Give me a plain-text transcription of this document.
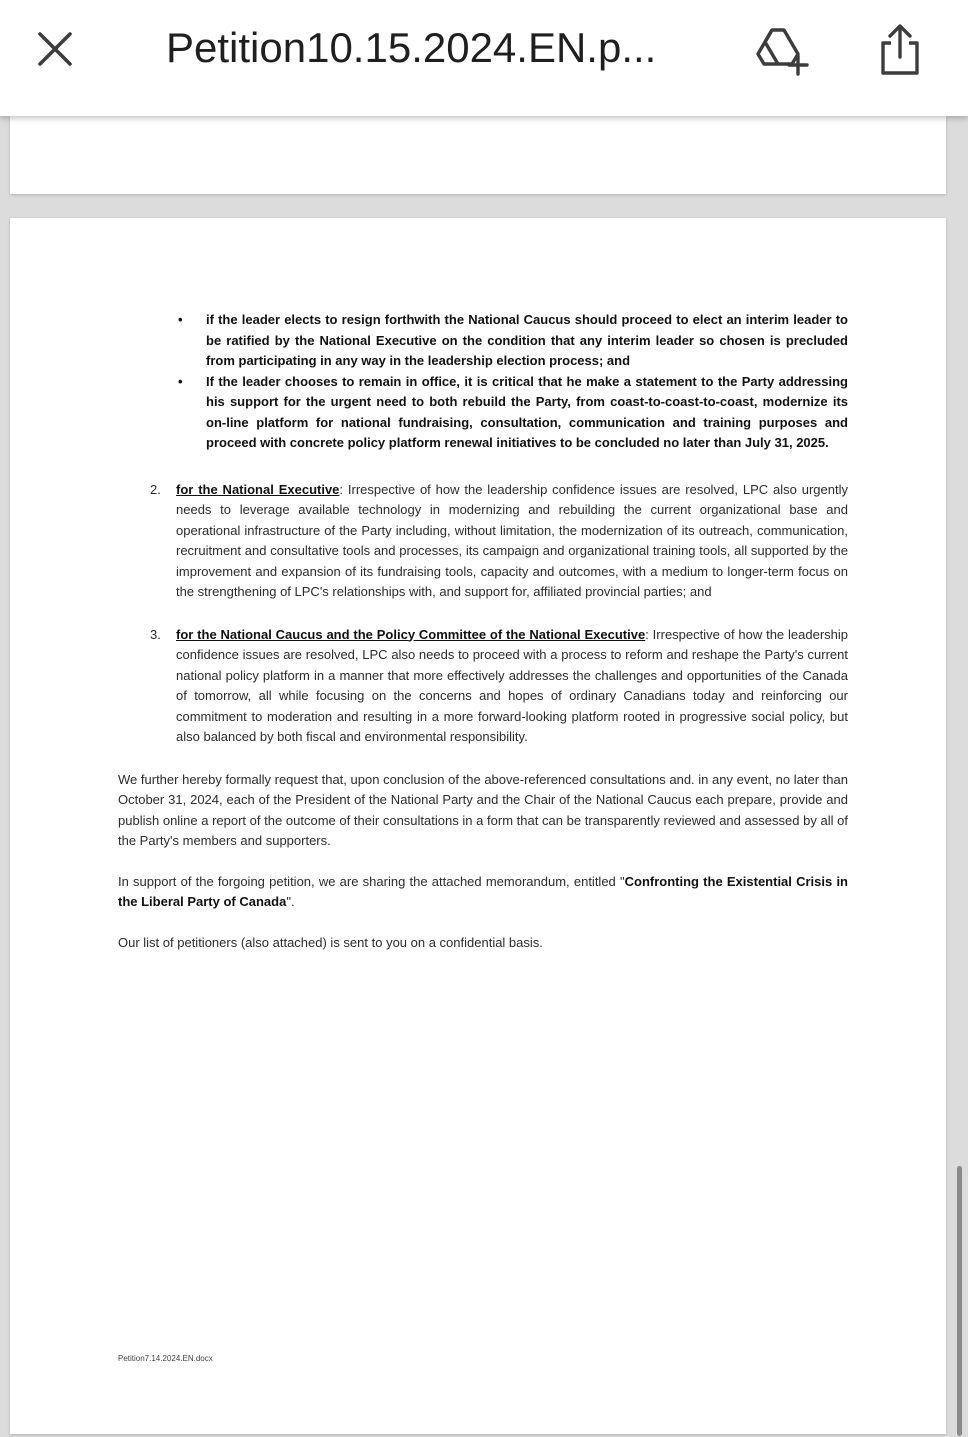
Petition10.15.2024.EN.p...
• if the leader elects to resign forthwith the National Caucus should proceed to elect an interim leader to be ratified by the National Executive on the condition that any interim leader so chosen is precluded from participating in any way in the leadership election process; and
• If the leader chooses to remain in office, it is critical that he make a statement to the Party addressing his support for the urgent need to both rebuild the Party, from coast-to-coast-to-coast, modernize its on-line platform for national fundraising, consultation, communication and training purposes and proceed with concrete policy platform renewal initiatives to be concluded no later than July 31, 2025.
2. for the National Executive: Irrespective of how the leadership confidence issues are resolved, LPC also urgently needs to leverage available technology in modernizing and rebuilding the current organizational base and operational infrastructure of the Party including, without limitation, the modernization of its outreach, communication, recruitment and consultative tools and processes, its campaign and organizational training tools, all supported by the improvement and expansion of its fundraising tools, capacity and outcomes, with a medium to longer-term focus on the strengthening of LPC's relationships with, and support for, affiliated provincial parties; and
3. for the National Caucus and the Policy Committee of the National Executive: Irrespective of how the leadership confidence issues are resolved, LPC also needs to proceed with a process to reform and reshape the Party's current national policy platform in a manner that more effectively addresses the challenges and opportunities of the Canada of tomorrow, all while focusing on the concerns and hopes of ordinary Canadians today and reinforcing our commitment to moderation and resulting in a more forward-looking platform rooted in progressive social policy, but also balanced by both fiscal and environmental responsibility.

We further hereby formally request that, upon conclusion of the above-referenced consultations and. in any event, no later than October 31, 2024, each of the President of the National Party and the Chair of the National Caucus each prepare, provide and publish online a report of the outcome of their consultations in a form that can be transparently reviewed and assessed by all of the Party's members and supporters.

In support of the forgoing petition, we are sharing the attached memorandum, entitled "Confronting the Existential Crisis in the Liberal Party of Canada".

Our list of petitioners (also attached) is sent to you on a confidential basis.

Petition7.14.2024.EN.docx
